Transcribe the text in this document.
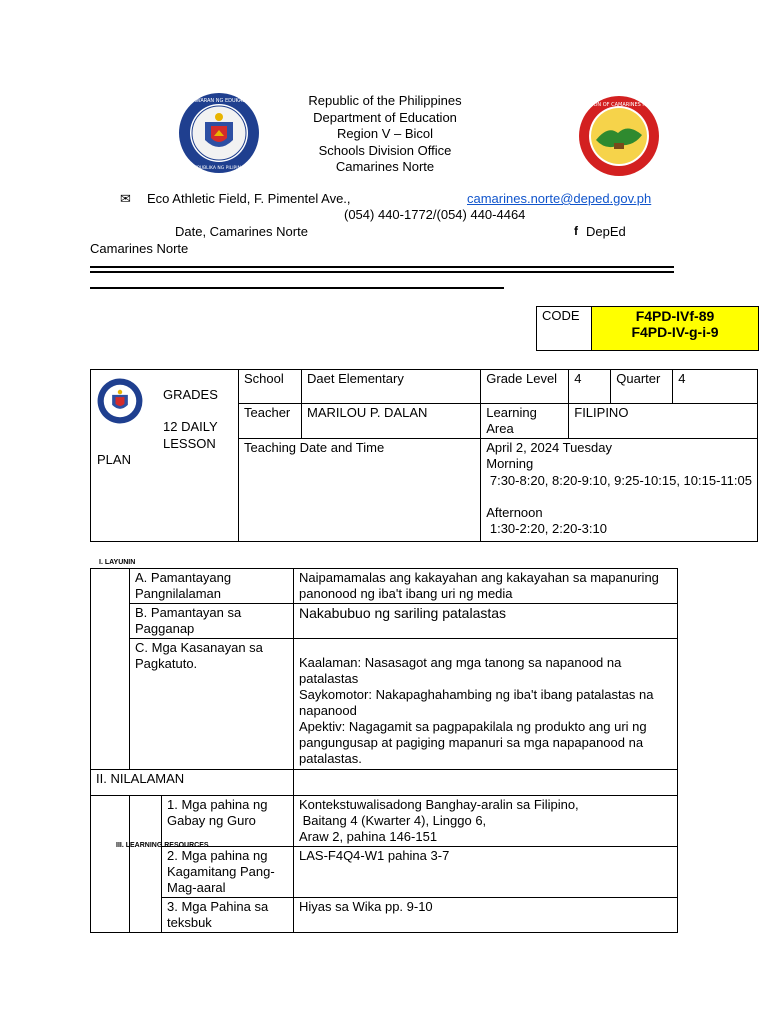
KAGAWARAN NG EDUKASYON
REPUBLIKA NG PILIPINAS
Republic of the Philippines
Department of Education
Region V – Bicol
Schools Division Office
Camarines Norte
DIVISION OF CAMARINES NORTE
✉ Eco Athletic Field, F. Pimentel Ave.,	camarines.norte@deped.gov.ph
(054) 440-1772/(054) 440-4464
Date, Camarines Norte	f DepEd
Camarines Norte
CODE	F4PD-IVf-89
F4PD-IV-g-i-9
GRADES
12 DAILY
LESSON
PLAN	School	Daet Elementary	Grade Level	4	Quarter	4
	Teacher	MARILOU P. DALAN	Learning Area	FILIPINO		
	Teaching Date and Time		April 2, 2024 Tuesday
Morning
7:30-8:20, 8:20-9:10, 9:25-10:15, 10:15-11:05
Afternoon
1:30-2:20, 2:20-3:10			
I. LAYUNIN
	A. Pamantayang Pangnilalaman		Naipamamalas ang kakayahan ang kakayahan sa mapanuring panonood ng iba't ibang uri ng media
	B. Pamantayan sa Pagganap		Nakabubuo ng sariling patalastas
	C. Mga Kasanayan sa Pagkatuto.		Kaalaman: Nasasagot ang mga tanong sa napanood na patalastas
Saykomotor: Nakapaghahambing ng iba't ibang patalastas na napanood
Apektiv: Nagagamit sa pagpapakilala ng produkto ang uri ng pangungusap at pagiging mapanuri sa mga napapanood na patalastas.

II. NILALAMAN			
		1. Mga pahina ng Gabay ng Guro	Kontekstuwalisadong Banghay-aralin sa Filipino,
Baitang 4 (Kwarter 4), Linggo 6,
Araw 2, pahina 146-151

		2. Mga pahina ng Kagamitang Pang-Mag-aaral	LAS-F4Q4-W1 pahina 3-7
		3. Mga Pahina sa teksbuk	Hiyas sa Wika pp. 9-10
III. LEARNING RESOURCES
